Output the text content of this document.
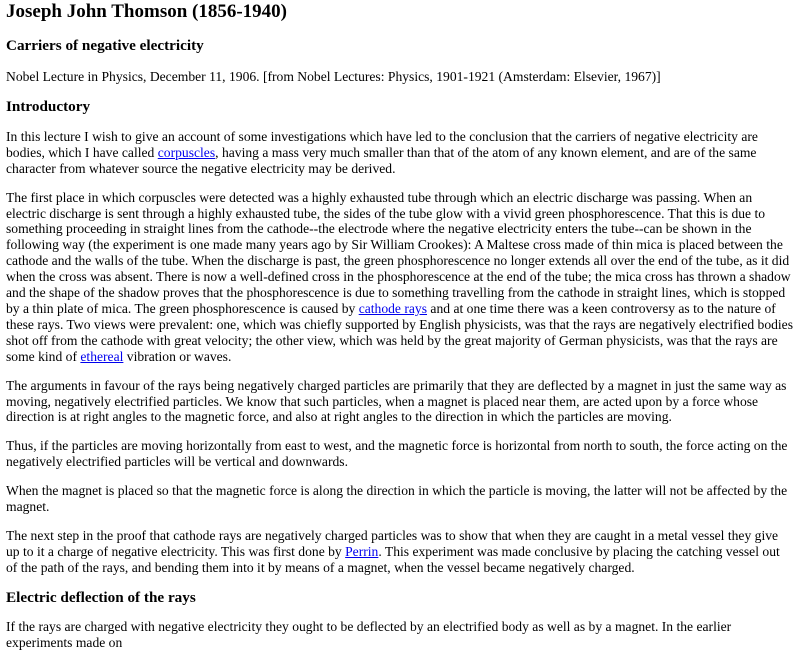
Joseph John Thomson (1856-1940)
Carriers of negative electricity

Nobel Lecture in Physics, December 11, 1906. [from Nobel Lectures: Physics, 1901-1921 (Amsterdam: Elsevier, 1967)]

Introductory

In this lecture I wish to give an account of some investigations which have led to the conclusion that the carriers of negative electricity are bodies, which I have called corpuscles, having a mass very much smaller than that of the atom of any known element, and are of the same character from whatever source the negative electricity may be derived.

The first place in which corpuscles were detected was a highly exhausted tube through which an electric discharge was passing. When an electric discharge is sent through a highly exhausted tube, the sides of the tube glow with a vivid green phosphorescence. That this is due to something proceeding in straight lines from the cathode--the electrode where the negative electricity enters the tube--can be shown in the following way (the experiment is one made many years ago by Sir William Crookes): A Maltese cross made of thin mica is placed between the cathode and the walls of the tube. When the discharge is past, the green phosphorescence no longer extends all over the end of the tube, as it did when the cross was absent. There is now a well-defined cross in the phosphorescence at the end of the tube; the mica cross has thrown a shadow and the shape of the shadow proves that the phosphorescence is due to something travelling from the cathode in straight lines, which is stopped by a thin plate of mica. The green phosphorescence is caused by cathode rays and at one time there was a keen controversy as to the nature of these rays. Two views were prevalent: one, which was chiefly supported by English physicists, was that the rays are negatively electrified bodies shot off from the cathode with great velocity; the other view, which was held by the great majority of German physicists, was that the rays are some kind of ethereal vibration or waves.

The arguments in favour of the rays being negatively charged particles are primarily that they are deflected by a magnet in just the same way as moving, negatively electrified particles. We know that such particles, when a magnet is placed near them, are acted upon by a force whose direction is at right angles to the magnetic force, and also at right angles to the direction in which the particles are moving.

Thus, if the particles are moving horizontally from east to west, and the magnetic force is horizontal from north to south, the force acting on the negatively electrified particles will be vertical and downwards.

When the magnet is placed so that the magnetic force is along the direction in which the particle is moving, the latter will not be affected by the magnet.

The next step in the proof that cathode rays are negatively charged particles was to show that when they are caught in a metal vessel they give up to it a charge of negative electricity. This was first done by Perrin. This experiment was made conclusive by placing the catching vessel out of the path of the rays, and bending them into it by means of a magnet, when the vessel became negatively charged.

Electric deflection of the rays

If the rays are charged with negative electricity they ought to be deflected by an electrified body as well as by a magnet. In the earlier experiments made on
